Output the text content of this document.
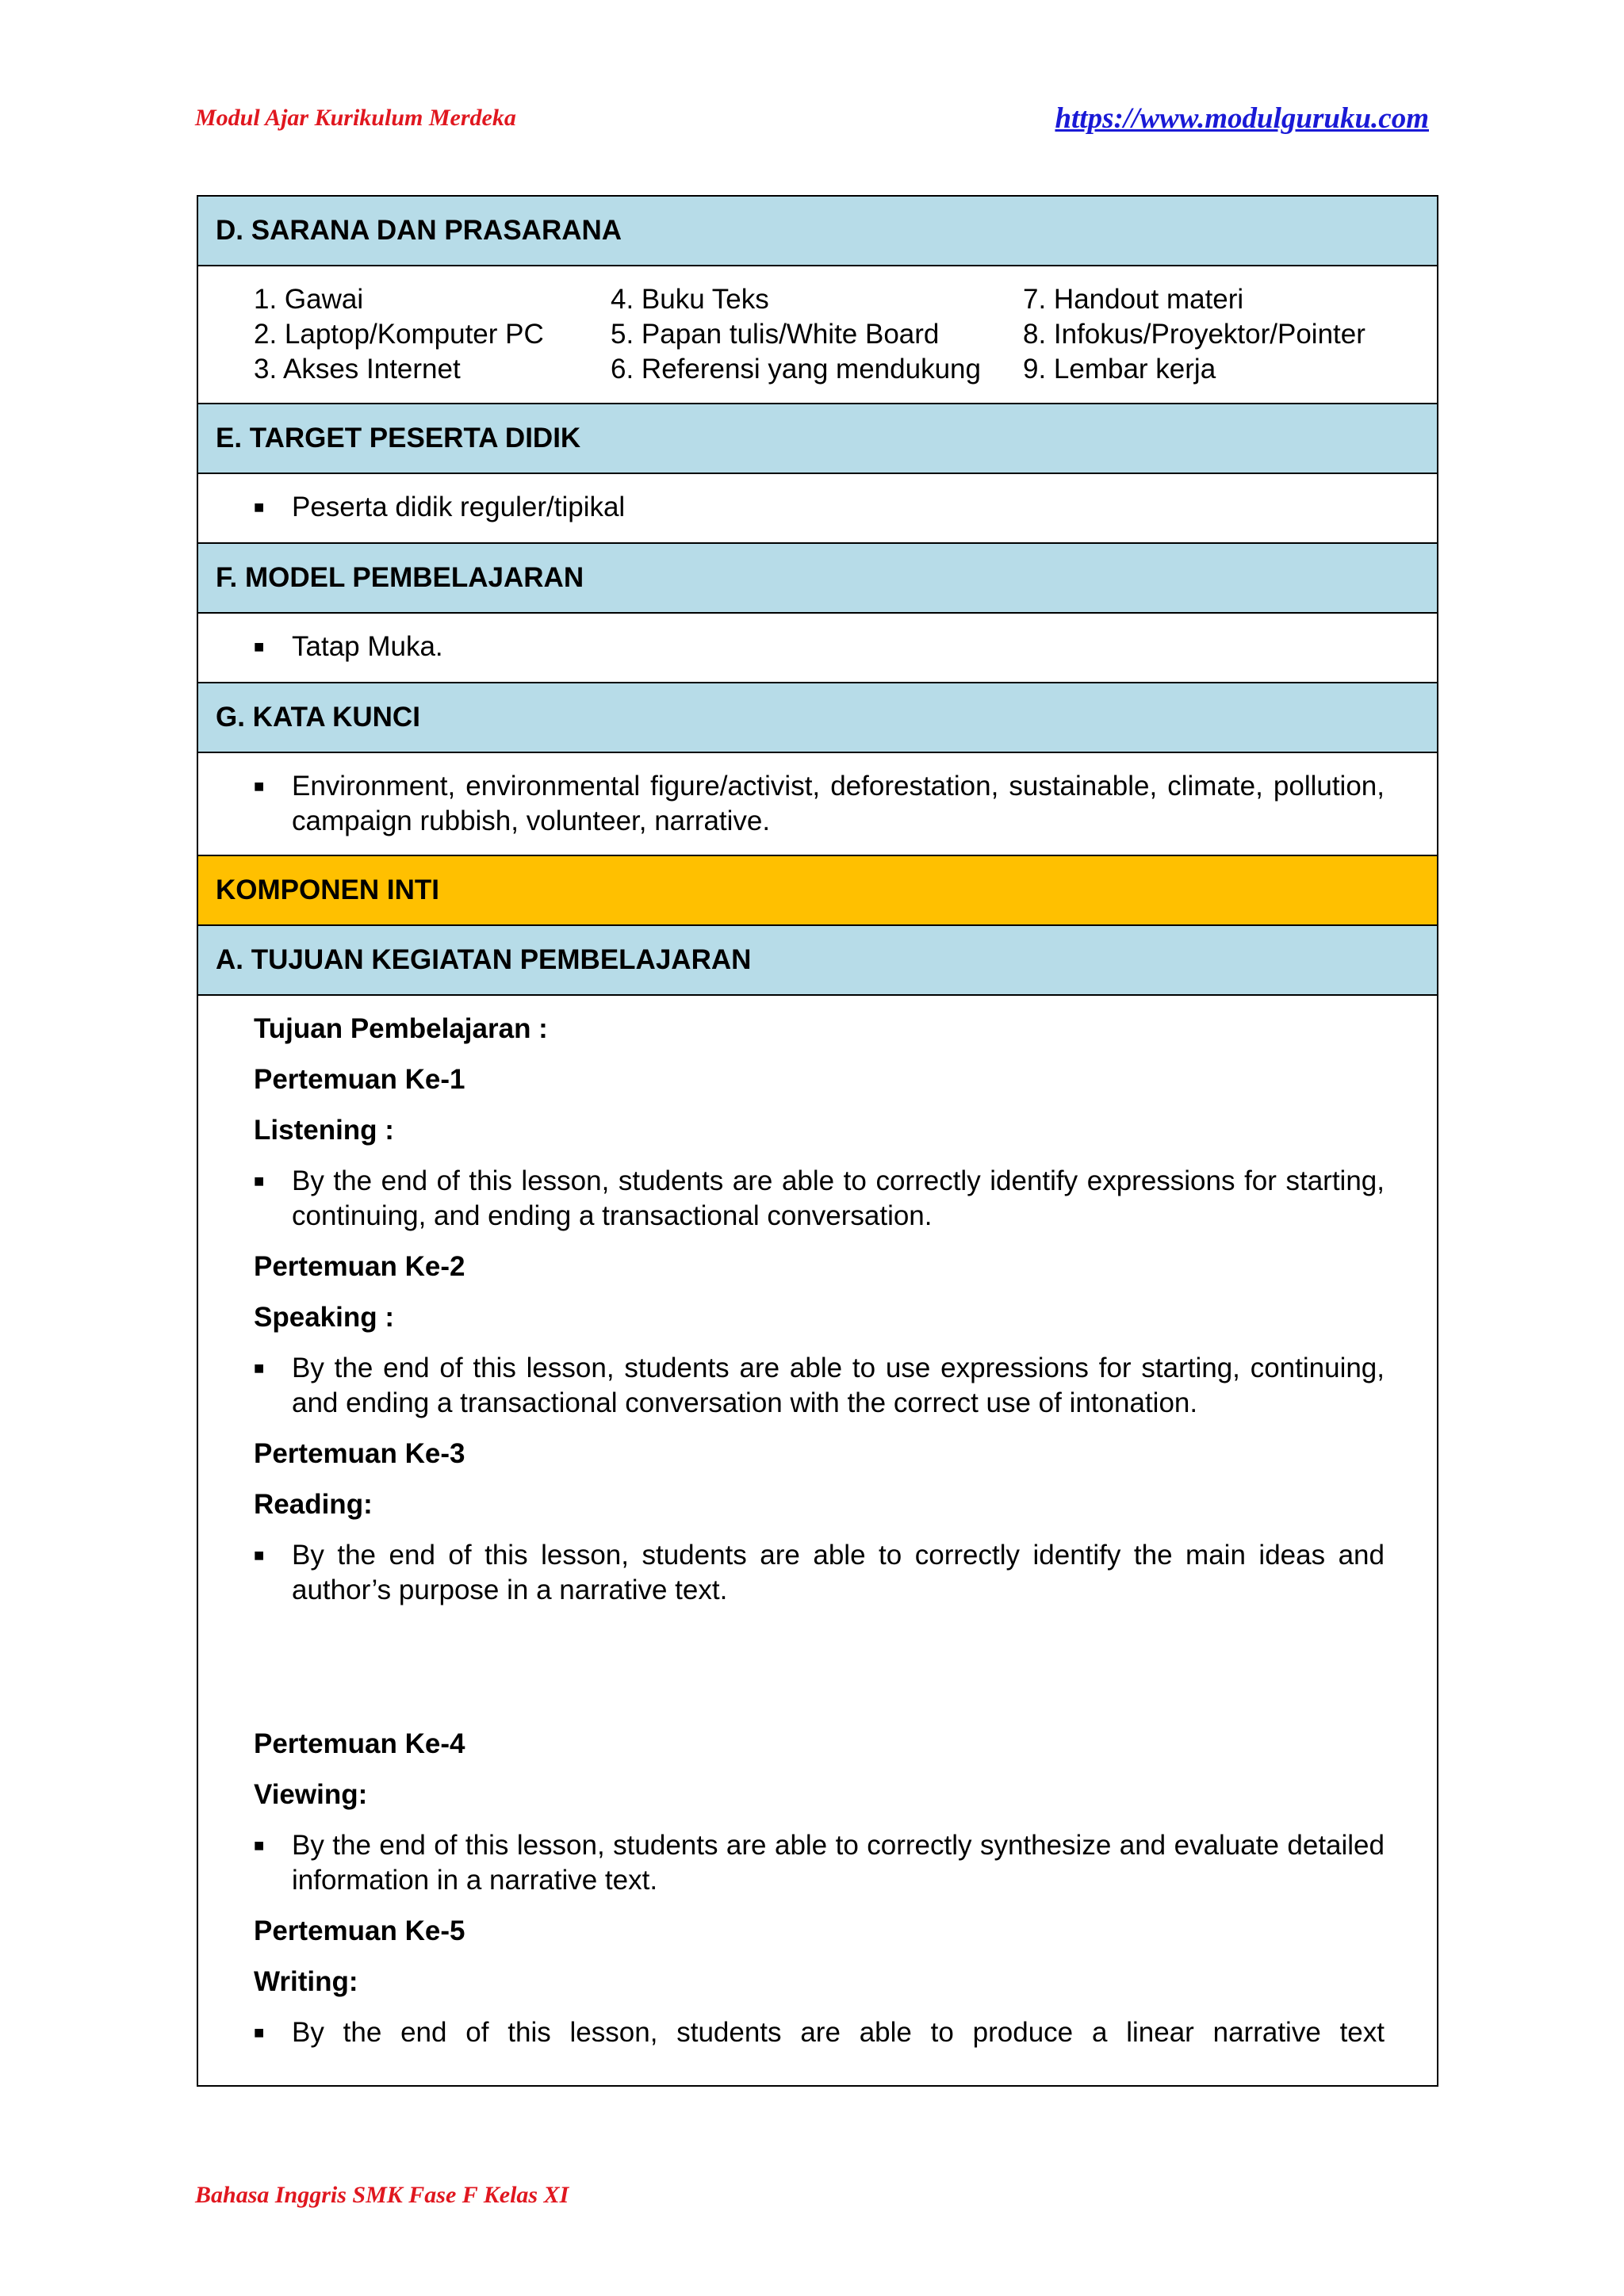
Modul Ajar Kurikulum Merdeka	https://www.modulguruku.com
D. SARANA DAN PRASARANA
1. Gawai	4. Buku Teks	7. Handout materi
2. Laptop/Komputer PC	5. Papan tulis/White Board	8. Infokus/Proyektor/Pointer
3. Akses Internet	6. Referensi yang mendukung	9. Lembar kerja
E. TARGET PESERTA DIDIK
■ Peserta didik reguler/tipikal
F. MODEL PEMBELAJARAN
■ Tatap Muka.
G. KATA KUNCI
■ Environment, environmental figure/activist, deforestation, sustainable, climate, pollution, campaign rubbish, volunteer, narrative.
KOMPONEN INTI
A. TUJUAN KEGIATAN PEMBELAJARAN

Tujuan Pembelajaran :

Pertemuan Ke-1

Listening :

■ By the end of this lesson, students are able to correctly identify expressions for starting, continuing, and ending a transactional conversation.

Pertemuan Ke-2

Speaking :

■ By the end of this lesson, students are able to use expressions for starting, continuing, and ending a transactional conversation with the correct use of intonation.

Pertemuan Ke-3

Reading:

■ By the end of this lesson, students are able to correctly identify the main ideas and author’s purpose in a narrative text.

Pertemuan Ke-4

Viewing:

■ By the end of this lesson, students are able to correctly synthesize and evaluate detailed information in a narrative text.

Pertemuan Ke-5

Writing:

■ By the end of this lesson, students are able to produce a linear narrative text
Bahasa Inggris SMK Fase F Kelas XI
